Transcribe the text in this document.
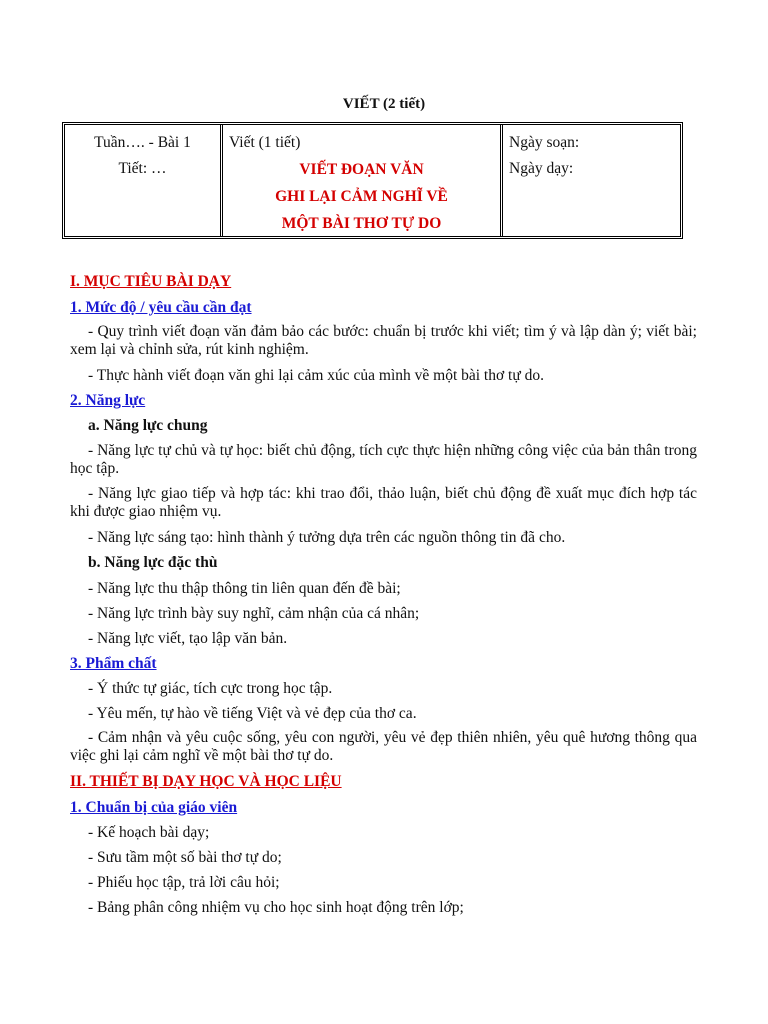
VIẾT (2 tiết)
Tuần…. - Bài 1
Tiết: …
Viết (1 tiết)
VIẾT ĐOẠN VĂN
GHI LẠI CẢM NGHĨ VỀ
MỘT BÀI THƠ TỰ DO
Ngày soạn:
Ngày dạy:
I. MỤC TIÊU BÀI DẠY
1. Mức độ / yêu cầu cần đạt

- Quy trình viết đoạn văn đảm bảo các bước: chuẩn bị trước khi viết; tìm ý và lập dàn ý; viết bài; xem lại và chỉnh sửa, rút kinh nghiệm.

- Thực hành viết đoạn văn ghi lại cảm xúc của mình về một bài thơ tự do.

2. Năng lực
a. Năng lực chung

- Năng lực tự chủ và tự học: biết chủ động, tích cực thực hiện những công việc của bản thân trong học tập.

- Năng lực giao tiếp và hợp tác: khi trao đổi, thảo luận, biết chủ động đề xuất mục đích hợp tác khi được giao nhiệm vụ.

- Năng lực sáng tạo: hình thành ý tưởng dựa trên các nguồn thông tin đã cho.

b. Năng lực đặc thù

- Năng lực thu thập thông tin liên quan đến đề bài;

- Năng lực trình bày suy nghĩ, cảm nhận của cá nhân;

- Năng lực viết, tạo lập văn bản.

3. Phẩm chất

- Ý thức tự giác, tích cực trong học tập.

- Yêu mến, tự hào về tiếng Việt và vẻ đẹp của thơ ca.

- Cảm nhận và yêu cuộc sống, yêu con người, yêu vẻ đẹp thiên nhiên, yêu quê hương thông qua việc ghi lại cảm nghĩ về một bài thơ tự do.

II. THIẾT BỊ DẠY HỌC VÀ HỌC LIỆU
1. Chuẩn bị của giáo viên

- Kế hoạch bài dạy;

- Sưu tầm một số bài thơ tự do;

- Phiếu học tập, trả lời câu hỏi;

- Bảng phân công nhiệm vụ cho học sinh hoạt động trên lớp;
